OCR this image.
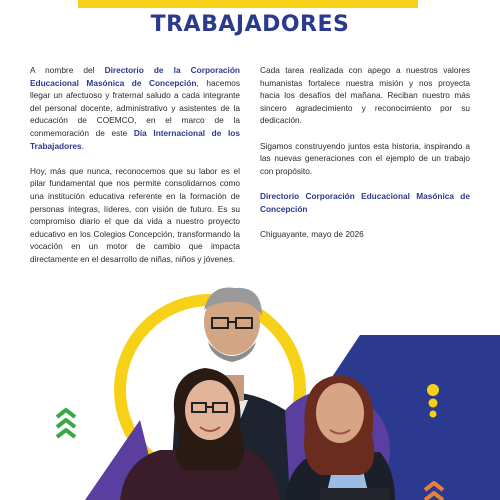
TRABAJADORES

A nombre del Directorio de la Corporación Educacional Masónica de Concepción, hacemos llegar un afectuoso y fraternal saludo a cada integrante del personal docente, administrativo y asistentes de la educación de COEMCO, en el marco de la conmemoración de este Día Internacional de los Trabajadores.

Hoy, más que nunca, reconocemos que su labor es el pilar fundamental que nos permite consolidarnos como una institución educativa referente en la formación de personas íntegras, líderes, con visión de futuro. Es su compromiso diario el que da vida a nuestro proyecto educativo en los Colegios Concepción, transformando la vocación en un motor de cambio que impacta directamente en el desarrollo de niñas, niños y jóvenes.

Cada tarea realizada con apego a nuestros valores humanistas fortalece nuestra misión y nos proyecta hacia los desafíos del mañana. Reciban nuestro más sincero agradecimiento y reconocimiento por su dedicación.

Sigamos construyendo juntos esta historia, inspirando a las nuevas generaciones con el ejemplo de un trabajo con propósito.

Directorio Corporación Educacional Masónica de Concepción

Chiguayante, mayo de 2026
